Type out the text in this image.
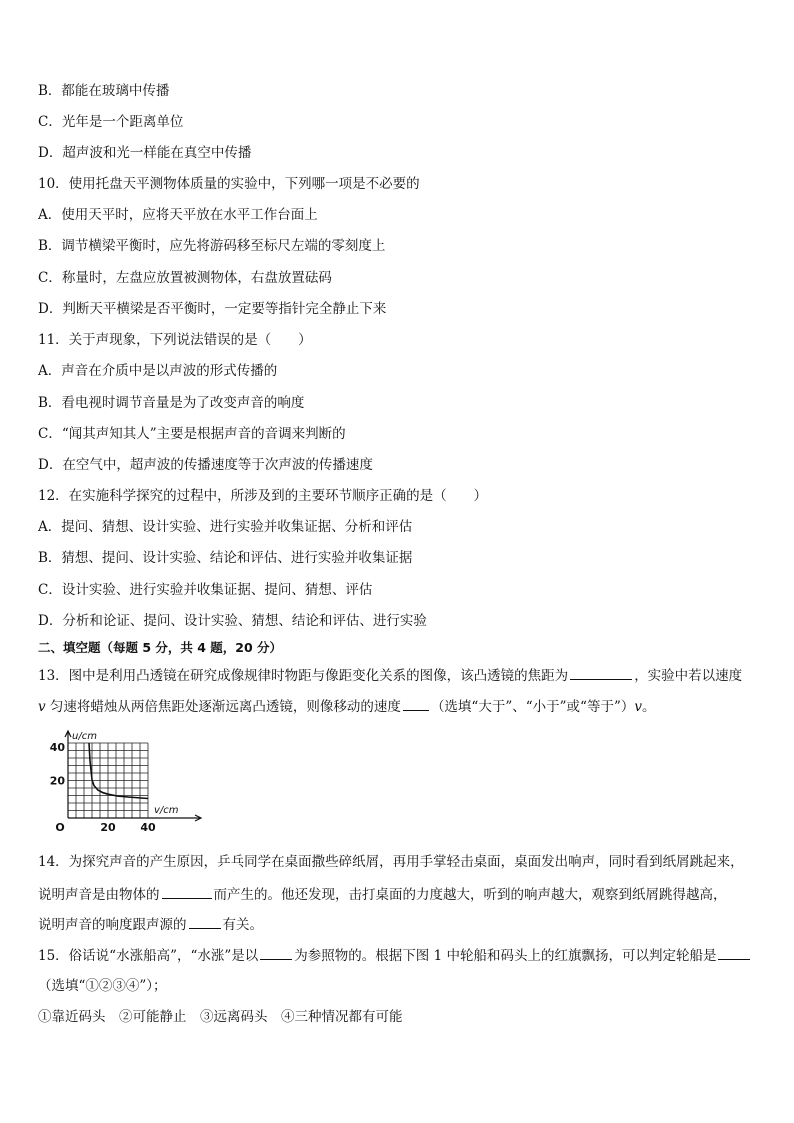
B．都能在玻璃中传播
C．光年是一个距离单位
D．超声波和光一样能在真空中传播
10．使用托盘天平测物体质量的实验中，下列哪一项是不必要的
A．使用天平时，应将天平放在水平工作台面上
B．调节横梁平衡时，应先将游码移至标尺左端的零刻度上
C．称量时，左盘应放置被测物体，右盘放置砝码
D．判断天平横梁是否平衡时，一定要等指针完全静止下来
11．关于声现象，下列说法错误的是（　　）
A．声音在介质中是以声波的形式传播的
B．看电视时调节音量是为了改变声音的响度
C．“闻其声知其人”主要是根据声音的音调来判断的
D．在空气中，超声波的传播速度等于次声波的传播速度
12．在实施科学探究的过程中，所涉及到的主要环节顺序正确的是（　　）
A．提问、猜想、设计实验、进行实验并收集证据、分析和评估
B．猜想、提问、设计实验、结论和评估、进行实验并收集证据
C．设计实验、进行实验并收集证据、提问、猜想、评估
D．分析和论证、提问、设计实验、猜想、结论和评估、进行实验
二、填空题（每题 5 分，共 4 题，20 分）
13．图中是利用凸透镜在研究成像规律时物距与像距变化关系的图像，该凸透镜的焦距为	，实验中若以速度
v 匀速将蜡烛从两倍焦距处逐渐远离凸透镜，则像移动的速度 （选填“大于”、“小于”或“等于”）v。
u/cm
v/cm
O
20
40
20 40
14．为探究声音的产生原因，乒乓同学在桌面撒些碎纸屑，再用手掌轻击桌面，桌面发出响声，同时看到纸屑跳起来，
说明声音是由物体的	而产生的。他还发现，击打桌面的力度越大，听到的响声越大，观察到纸屑跳得越高，
说明声音的响度跟声源的	有关。
15．俗话说“水涨船高”，“水涨”是以	为参照物的。根据下图 1 中轮船和码头上的红旗飘扬，可以判定轮船是
（选填“①②③④”）；
①靠近码头　②可能静止　③远离码头　④三种情况都有可能
